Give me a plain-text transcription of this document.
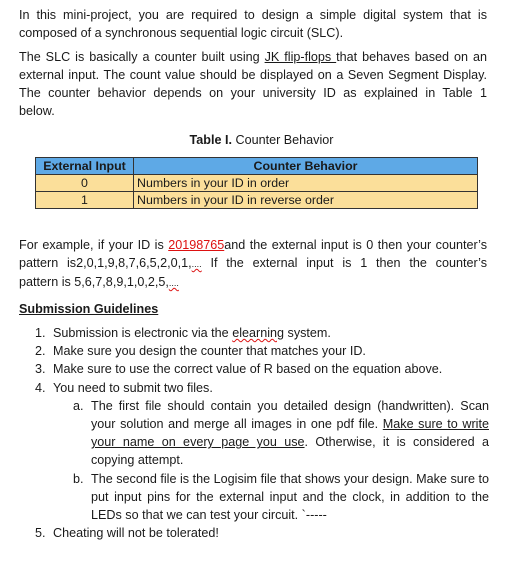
In this mini-project, you are required to design a simple digital system that is
composed of a synchronous sequential logic circuit (SLC).
The SLC is basically a counter built using JK flip-flops that behaves based on an
external input. The count value should be displayed on a Seven Segment Display.
The counter behavior depends on your university ID as explained in Table 1
below.
Table I. Counter Behavior
External Input	Counter Behavior
0	Numbers in your ID in order
1	Numbers in your ID in reverse order
For example, if your ID is 20198765and the external input is 0 then your counter’s
pattern is2,0,1,9,8,7,6,5,2,0,1,.... If the external input is 1 then the counter’s
pattern is 5,6,7,8,9,1,0,2,5,....
Submission Guidelines
1. Submission is electronic via the elearning system.
2. Make sure you design the counter that matches your ID.
3. Make sure to use the correct value of R based on the equation above.
4. You need to submit two files.
a. The first file should contain you detailed design (handwritten). Scan your solution and merge all images in one pdf file. Make sure to write your name on every page you use. Otherwise, it is considered a copying attempt.
b. The second file is the Logisim file that shows your design. Make sure to put input pins for the external input and the clock, in addition to the LEDs so that we can test your circuit. `-----
5. Cheating will not be tolerated!
